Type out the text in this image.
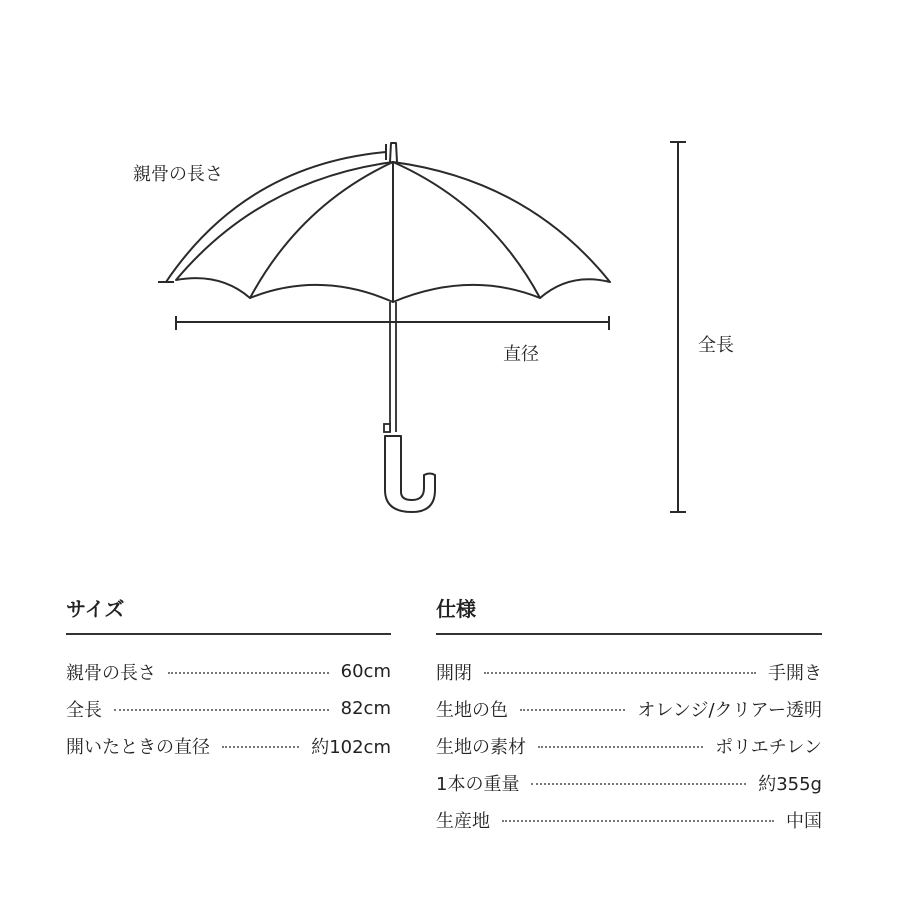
親骨の長さ
直径	全長
サイズ
親骨の長さ	60cm
全長	82cm
開いたときの直径	約102cm
仕様
開閉	手開き
生地の色	オレンジ/クリアー透明
生地の素材	ポリエチレン
1本の重量	約355g
生産地	中国
